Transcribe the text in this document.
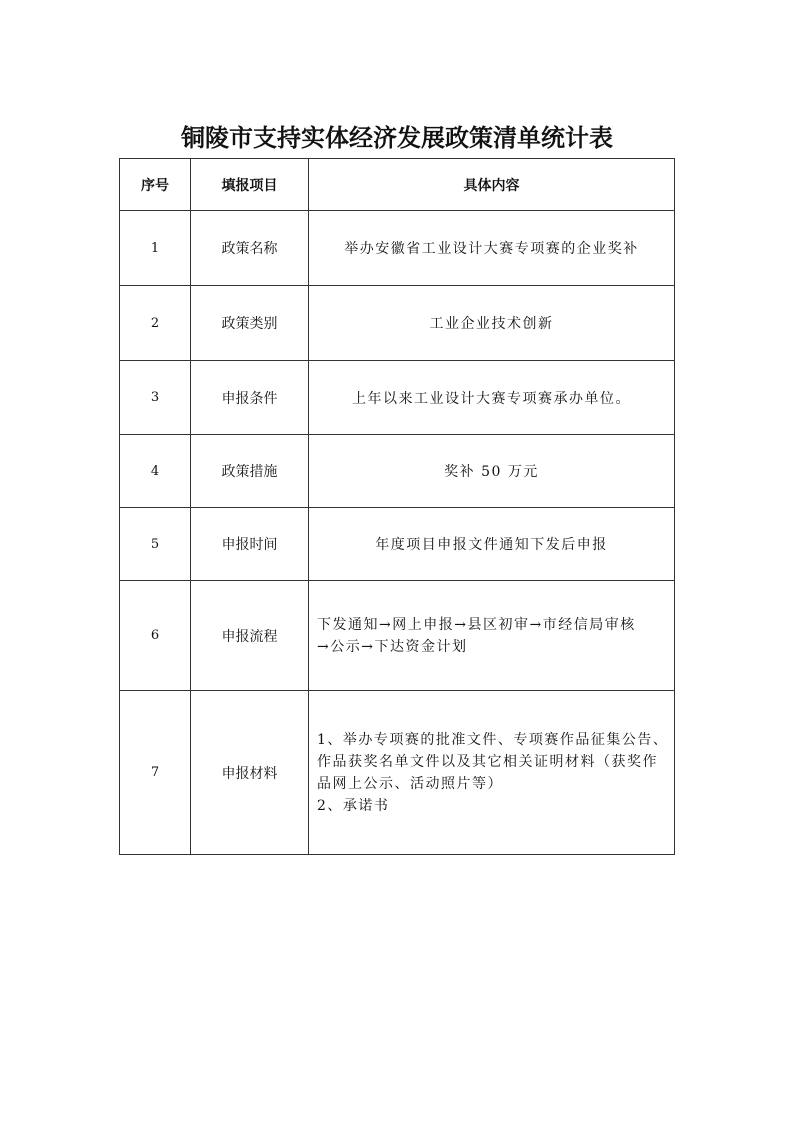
铜陵市支持实体经济发展政策清单统计表
序号	填报项目	具体内容
1	政策名称	举办安徽省工业设计大赛专项赛的企业奖补
2	政策类别	工业企业技术创新
3	申报条件	上年以来工业设计大赛专项赛承办单位。
4	政策措施	奖补 50 万元
5	申报时间	年度项目申报文件通知下发后申报
6	申报流程	下发通知→网上申报→县区初审→市经信局审核
→公示→下达资金计划

7	申报材料	1、举办专项赛的批准文件、专项赛作品征集公告、
作品获奖名单文件以及其它相关证明材料（获奖作
品网上公示、活动照片等）
2、承诺书
